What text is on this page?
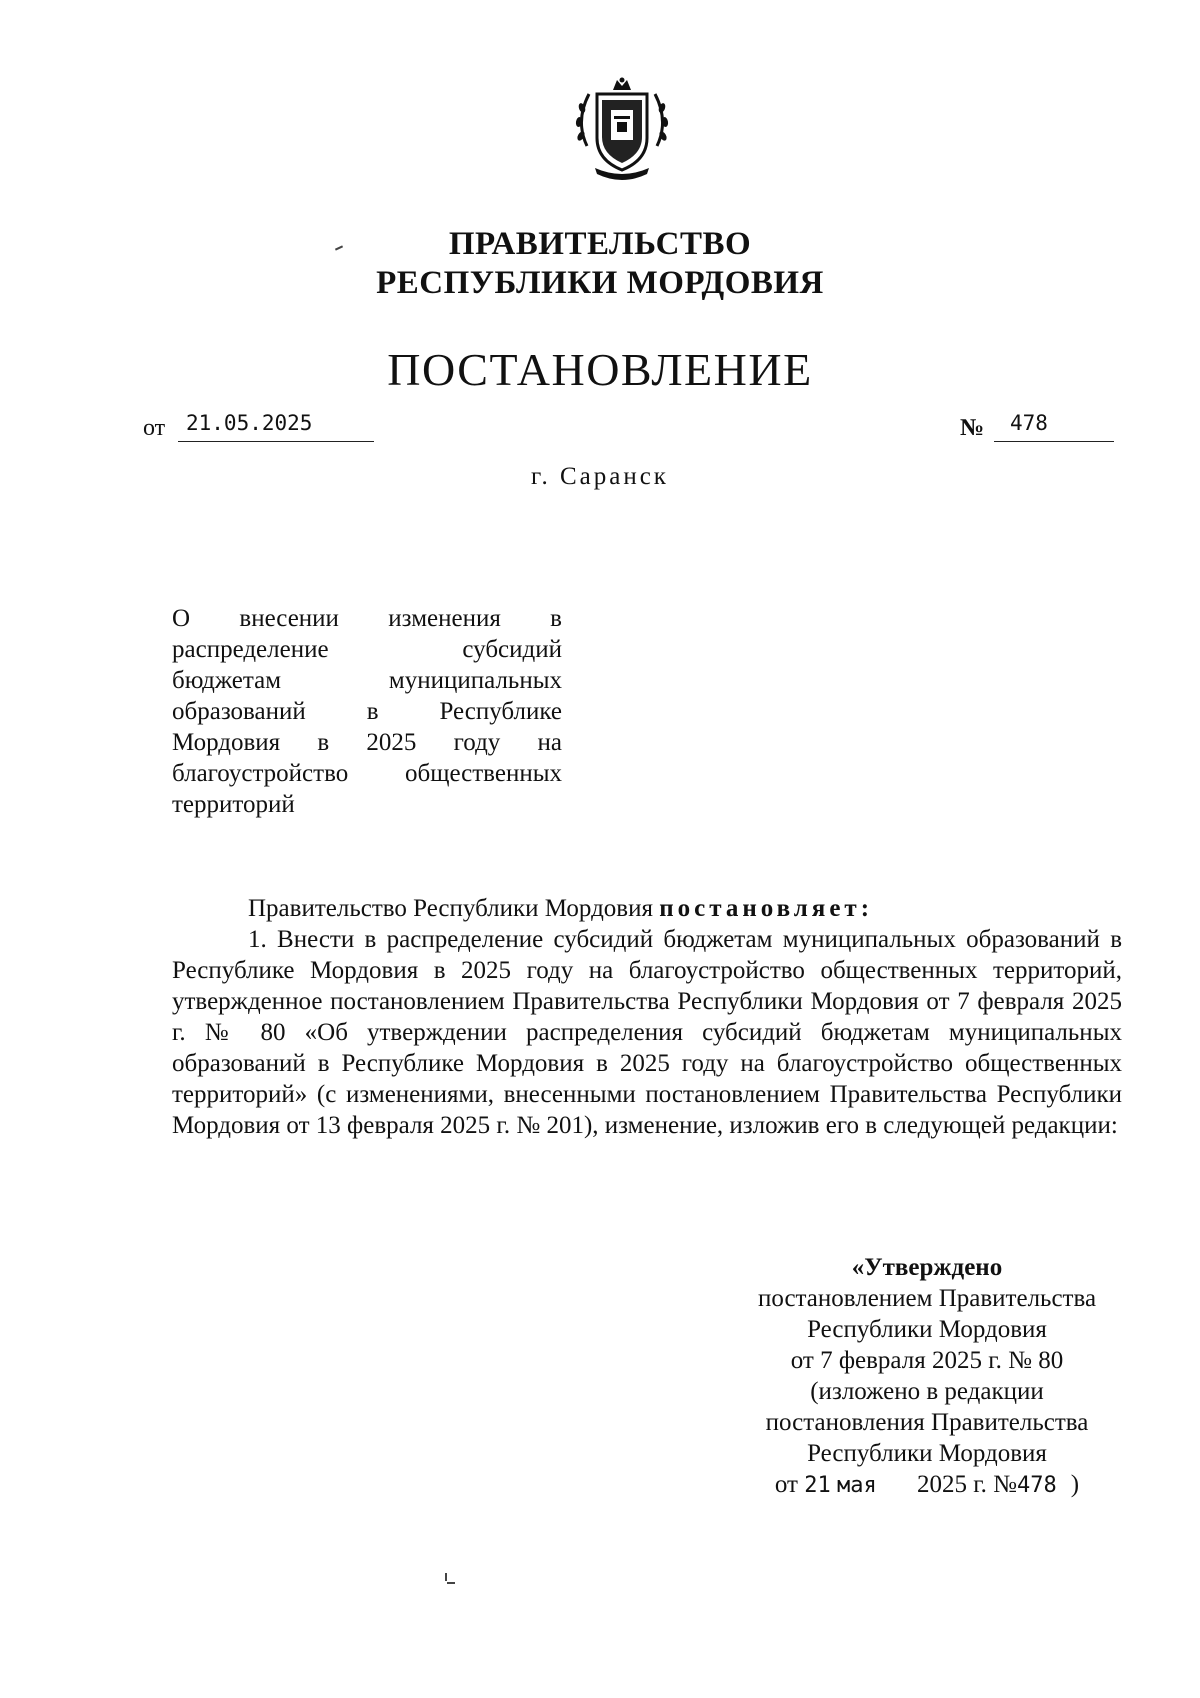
ПРАВИТЕЛЬСТВО
РЕСПУБЛИКИ МОРДОВИЯ
ПОСТАНОВЛЕНИЕ
от 21.05.2025	№ 478
г. Саранск
О внесении изменения в
распределение субсидий
бюджетам муниципальных
образований в Республике
Мордовия в 2025 году на
благоустройство общественных
территорий

Правительство Республики Мордовия постановляет:

1. Внести в распределение субсидий бюджетам муниципальных образований в Республике Мордовия в 2025 году на благоустройство общественных территорий, утвержденное постановлением Правительства Республики Мордовия от 7 февраля 2025 г. № 80 «Об утверждении распределения субсидий бюджетам муниципальных образований в Республике Мордовия в 2025 году на благоустройство общественных территорий» (с изменениями, внесенными постановлением Правительства Республики Мордовия от 13 февраля 2025 г. № 201), изменение, изложив его в следующей редакции:

«Утверждено
постановлением Правительства
Республики Мордовия
от 7 февраля 2025 г. № 80
(изложено в редакции
постановления Правительства
Республики Мордовия
от 21 мая 2025 г. №478 )
